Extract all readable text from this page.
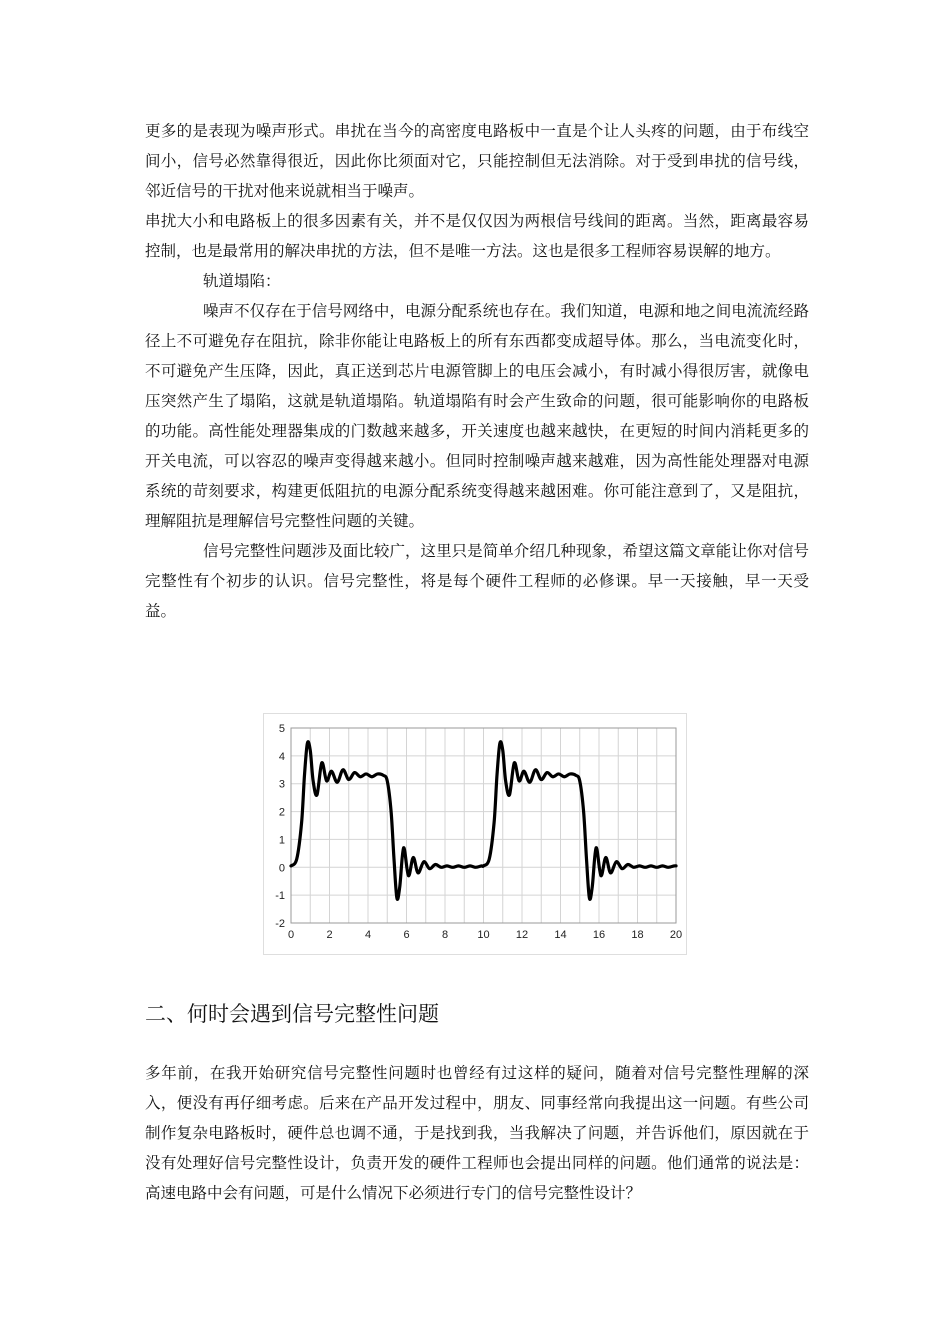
更多的是表现为噪声形式。串扰在当今的高密度电路板中一直是个让人头疼的问题，由于布线空间小，信号必然靠得很近，因此你比须面对它，只能控制但无法消除。对于受到串扰的信号线，邻近信号的干扰对他来说就相当于噪声。

串扰大小和电路板上的很多因素有关，并不是仅仅因为两根信号线间的距离。当然，距离最容易控制，也是最常用的解决串扰的方法，但不是唯一方法。这也是很多工程师容易误解的地方。

轨道塌陷：

噪声不仅存在于信号网络中，电源分配系统也存在。我们知道，电源和地之间电流流经路径上不可避免存在阻抗，除非你能让电路板上的所有东西都变成超导体。那么，当电流变化时，不可避免产生压降，因此，真正送到芯片电源管脚上的电压会减小，有时减小得很厉害，就像电压突然产生了塌陷，这就是轨道塌陷。轨道塌陷有时会产生致命的问题，很可能影响你的电路板的功能。高性能处理器集成的门数越来越多，开关速度也越来越快，在更短的时间内消耗更多的开关电流，可以容忍的噪声变得越来越小。但同时控制噪声越来越难，因为高性能处理器对电源系统的苛刻要求，构建更低阻抗的电源分配系统变得越来越困难。你可能注意到了，又是阻抗，理解阻抗是理解信号完整性问题的关键。

信号完整性问题涉及面比较广，这里只是简单介绍几种现象，希望这篇文章能让你对信号完整性有个初步的认识。信号完整性，将是每个硬件工程师的必修课。早一天接触，早一天受益。

0	2	4	6	8	10 12 14 16 18 20
5
4
3
2
1
0
-1
-2
二、何时会遇到信号完整性问题

多年前，在我开始研究信号完整性问题时也曾经有过这样的疑问，随着对信号完整性理解的深入，便没有再仔细考虑。后来在产品开发过程中，朋友、同事经常向我提出这一问题。有些公司制作复杂电路板时，硬件总也调不通，于是找到我，当我解决了问题，并告诉他们，原因就在于没有处理好信号完整性设计，负责开发的硬件工程师也会提出同样的问题。他们通常的说法是：高速电路中会有问题，可是什么情况下必须进行专门的信号完整性设计？
